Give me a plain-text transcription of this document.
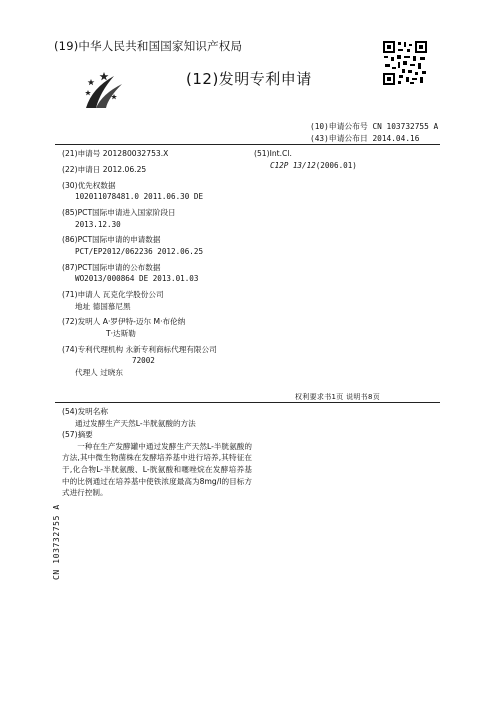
(19)中华人民共和国国家知识产权局
(12)发明专利申请
(10)申请公布号 CN 103732755 A
(43)申请公布日 2014.04.16
(21)申请号 201280032753.X
(22)申请日 2012.06.25
(30)优先权数据
102011078481.0 2011.06.30 DE
(85)PCT国际申请进入国家阶段日
2013.12.30
(86)PCT国际申请的申请数据
PCT/EP2012/062236 2012.06.25
(87)PCT国际申请的公布数据
WO2013/000864 DE 2013.01.03
(71)申请人 瓦克化学股份公司
地址 德国慕尼黑
(72)发明人 A·罗伊特-迈尔 M·布伦纳
T·达斯勒
(74)专利代理机构 永新专利商标代理有限公司
72002
代理人 过晓东
(51)Int.Cl.
C12P 13/12(2006.01)
权利要求书1页 说明书8页
(54)发明名称
通过发酵生产天然L-半胱氨酸的方法
(57)摘要

一种在生产发酵罐中通过发酵生产天然L-半胱氨酸的方法,其中微生物菌株在发酵培养基中进行培养,其特征在于,化合物L-半胱氨酸、L-胱氨酸和噻唑烷在发酵培养基中的比例通过在培养基中使铁浓度最高为8mg/l的目标方式进行控制。

CN 103732755 A
